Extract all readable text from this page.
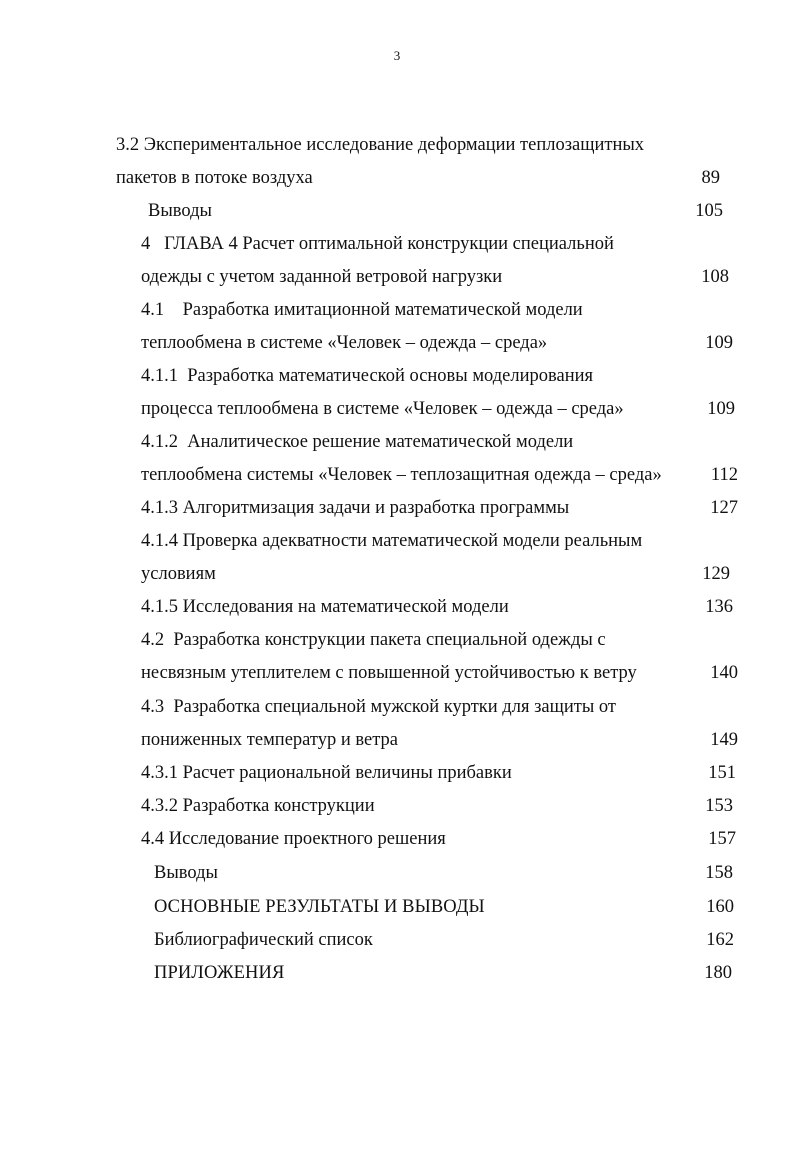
3
3.2 Экспериментальное исследование деформации теплозащитных
пакетов в потоке воздуха	89
Выводы	105
4   ГЛАВА 4 Расчет оптимальной конструкции специальной
одежды с учетом заданной ветровой нагрузки	108
4.1    Разработка имитационной математической модели
теплообмена в системе «Человек – одежда – среда»	109
4.1.1  Разработка математической основы моделирования
процесса теплообмена в системе «Человек – одежда – среда»	109
4.1.2  Аналитическое решение математической модели
теплообмена системы «Человек – теплозащитная одежда – среда»	112
4.1.3 Алгоритмизация задачи и разработка программы	127
4.1.4 Проверка адекватности математической модели реальным
условиям	129
4.1.5 Исследования на математической модели	136
4.2  Разработка конструкции пакета специальной одежды с
несвязным утеплителем с повышенной устойчивостью к ветру	140
4.3  Разработка специальной мужской куртки для защиты от
пониженных температур и ветра	149
4.3.1 Расчет рациональной величины прибавки	151
4.3.2 Разработка конструкции	153
4.4 Исследование проектного решения	157
Выводы	158
ОСНОВНЫЕ РЕЗУЛЬТАТЫ И ВЫВОДЫ	160
Библиографический список	162
ПРИЛОЖЕНИЯ	180
